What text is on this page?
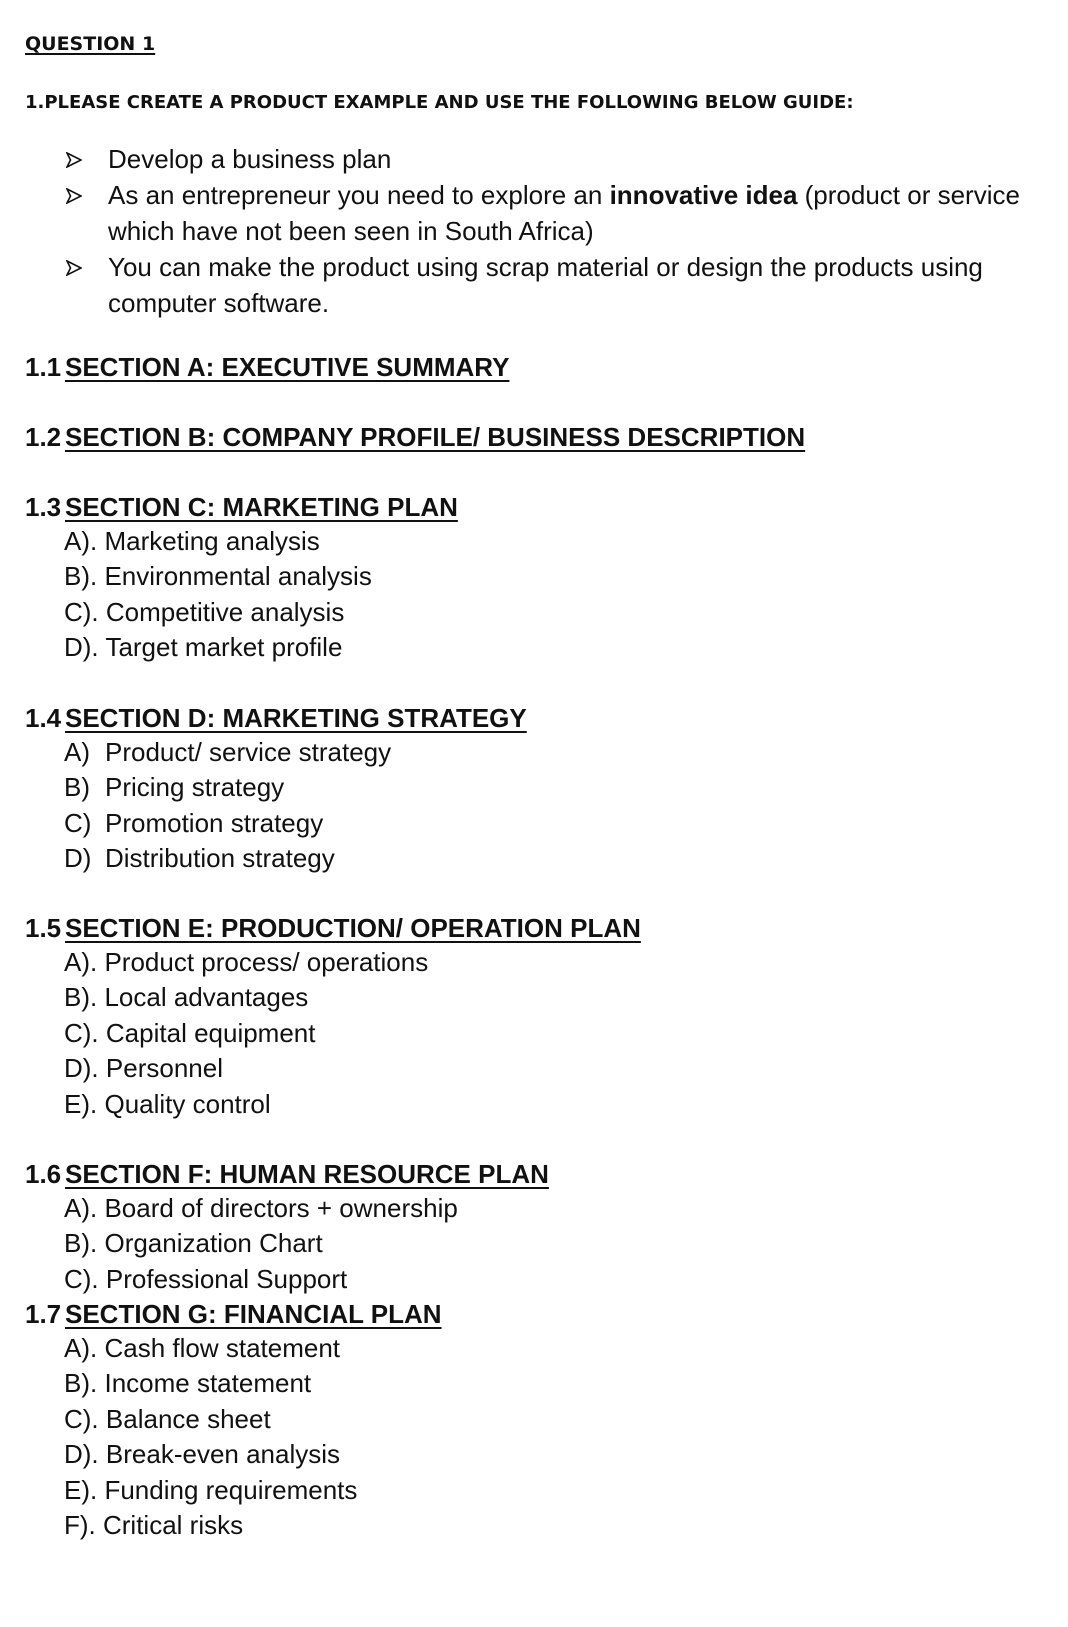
QUESTION 1

1.PLEASE CREATE A PRODUCT EXAMPLE AND USE THE FOLLOWING BELOW GUIDE:

Develop a business plan
As an entrepreneur you need to explore an innovative idea (product or service which have not been seen in South Africa)
You can make the product using scrap material or design the products using computer software.
1.1 SECTION A: EXECUTIVE SUMMARY
1.2 SECTION B: COMPANY PROFILE/ BUSINESS DESCRIPTION
1.3 SECTION C: MARKETING PLAN
A). Marketing analysis
B). Environmental analysis
C). Competitive analysis
D). Target market profile
1.4 SECTION D: MARKETING STRATEGY
A) Product/ service strategy
B) Pricing strategy
C) Promotion strategy
D) Distribution strategy
1.5 SECTION E: PRODUCTION/ OPERATION PLAN
A). Product process/ operations
B). Local advantages
C). Capital equipment
D). Personnel
E). Quality control
1.6 SECTION F: HUMAN RESOURCE PLAN
A). Board of directors + ownership
B). Organization Chart
C). Professional Support
1.7 SECTION G: FINANCIAL PLAN
A). Cash flow statement
B). Income statement
C). Balance sheet
D). Break-even analysis
E). Funding requirements
F). Critical risks
